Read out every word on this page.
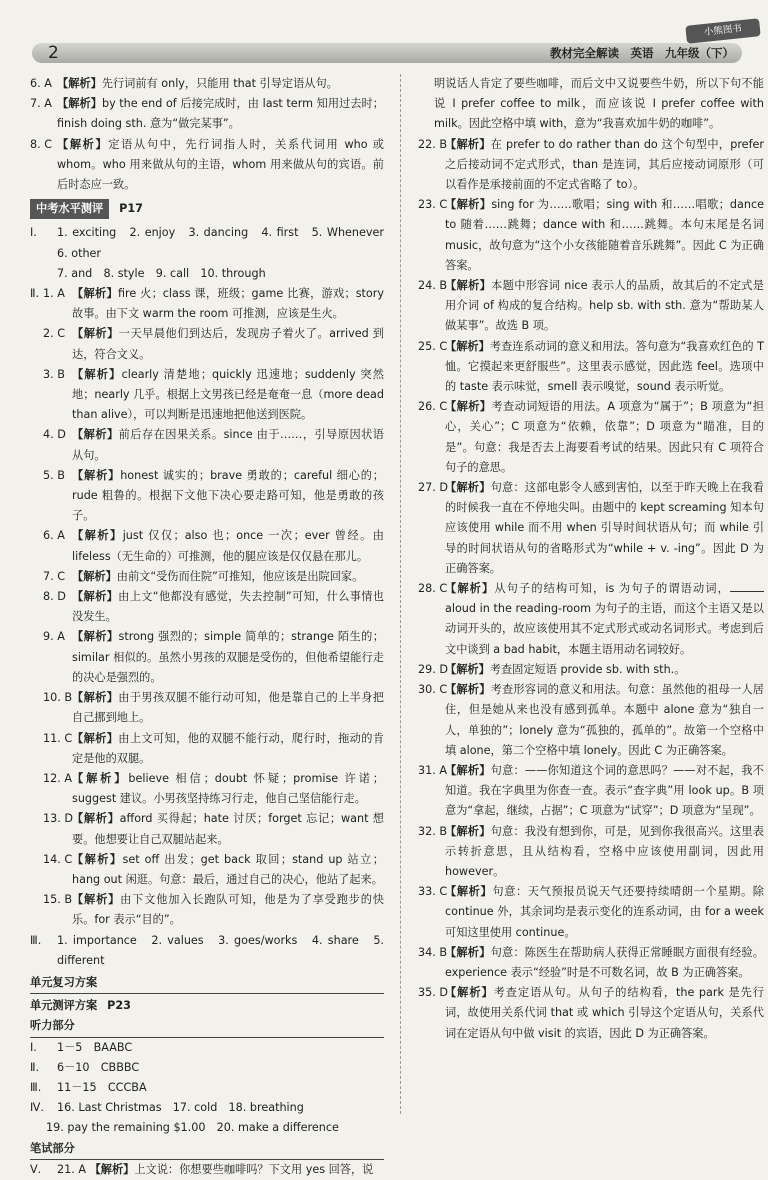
2	教材完全解读　英语　九年级（下）
小熊图书
6. A 【解析】先行词前有 only，只能用 that 引导定语从句。
7. A 【解析】by the end of 后接完成时，由 last term 知用过去时；finish doing sth. 意为“做完某事”。
8. C 【解析】定语从句中，先行词指人时，关系代词用 who 或 whom。who 用来做从句的主语，whom 用来做从句的宾语。前后时态应一致。
中考水平测评 P17
Ⅰ. 1. exciting　2. enjoy　3. dancing　4. first　5. Whenever　6. other
7. and　8. style　9. call　10. through
Ⅱ. 1. A 【解析】fire 火；class 课，班级；game 比赛，游戏；story 故事。由下文 warm the room 可推测，应该是生火。
2. C 【解析】一天早晨他们到达后，发现房子着火了。arrived 到达，符合文义。
3. B 【解析】clearly 清楚地；quickly 迅速地；suddenly 突然地；nearly 几乎。根据上文男孩已经是奄奄一息（more dead than alive），可以判断是迅速地把他送到医院。
4. D 【解析】前后存在因果关系。since 由于……，引导原因状语从句。
5. B 【解析】honest 诚实的；brave 勇敢的；careful 细心的；rude 粗鲁的。根据下文他下决心要走路可知，他是勇敢的孩子。
6. A 【解析】just 仅仅；also 也；once 一次；ever 曾经。由 lifeless（无生命的）可推测，他的腿应该是仅仅悬在那儿。
7. C 【解析】由前文“受伤而住院”可推知，他应该是出院回家。
8. D 【解析】由上文“他都没有感觉，失去控制”可知，什么事情也没发生。
9. A 【解析】strong 强烈的；simple 简单的；strange 陌生的；similar 相似的。虽然小男孩的双腿是受伤的，但他希望能行走的决心是强烈的。
10. B 【解析】由于男孩双腿不能行动可知，他是靠自己的上半身把自己挪到地上。
11. C 【解析】由上文可知，他的双腿不能行动，爬行时，拖动的肯定是他的双腿。
12. A 【解析】believe 相信；doubt 怀疑；promise 许诺；suggest 建议。小男孩坚持练习行走，他自己坚信能行走。
13. D 【解析】afford 买得起；hate 讨厌；forget 忘记；want 想要。他想要让自己双腿站起来。
14. C 【解析】set off 出发；get back 取回；stand up 站立；hang out 闲逛。句意：最后，通过自己的决心，他站了起来。
15. B 【解析】由下文他加入长跑队可知，他是为了享受跑步的快乐。for 表示“目的”。
Ⅲ. 1. importance　2. values　3. goes/works　4. share　5. different
单元复习方案
单元测评方案 P23
听力部分
Ⅰ. 1－5　BAABC
Ⅱ. 6－10　CBBBC
Ⅲ. 11－15　CCCBA
Ⅳ. 16. Last Christmas　17. cold　18. breathing
19. pay the remaining $1.00　20. make a difference
笔试部分
Ⅴ. 21. A 【解析】上文说：你想要些咖啡吗？下文用 yes 回答，说
明说话人肯定了要些咖啡，而后文中又说要些牛奶，所以下句不能说 I prefer coffee to milk，而应该说 I prefer coffee with milk。因此空格中填 with，意为“我喜欢加牛奶的咖啡”。
22. B
【解析】在 prefer to do rather than do 这个句型中，prefer 之后接动词不定式形式，than 是连词，其后应接动词原形（可以看作是承接前面的不定式省略了 to）。
23. C
【解析】sing for 为……歌唱；sing with 和……唱歌；dance to 随着……跳舞；dance with 和……跳舞。本句末尾是名词 music，故句意为“这个小女孩能随着音乐跳舞”。因此 C 为正确答案。
24. B
【解析】本题中形容词 nice 表示人的品质，故其后的不定式是用介词 of 构成的复合结构。help sb. with sth. 意为“帮助某人做某事”。故选 B 项。
25. C
【解析】考查连系动词的意义和用法。答句意为“我喜欢红色的 T 恤。它摸起来更舒服些”。这里表示感觉，因此选 feel。选项中的 taste 表示味觉，smell 表示嗅觉，sound 表示听觉。
26. C
【解析】考查动词短语的用法。A 项意为“属于”；B 项意为“担心，关心”；C 项意为“依赖，依靠”；D 项意为“瞄准，目的是”。句意：我是否去上海要看考试的结果。因此只有 C 项符合句子的意思。
27. D
【解析】句意：这部电影令人感到害怕，以至于昨天晚上在我看的时候我一直在不停地尖叫。由题中的 kept screaming 知本句应该使用 while 而不用 when 引导时间状语从句；而 while 引导的时间状语从句的省略形式为“while + v. -ing”。因此 D 为正确答案。
28. C
【解析】从句子的结构可知，is 为句子的谓语动词， aloud in the reading-room 为句子的主语，而这个主语又是以动词开头的，故应该使用其不定式形式或动名词形式。考虑到后文中谈到 a bad habit，本题主语用动名词较好。
29. D
【解析】考查固定短语 provide sb. with sth.。
30. C
【解析】考查形容词的意义和用法。句意：虽然他的祖母一人居住，但是她从来也没有感到孤单。本题中 alone 意为“独自一人，单独的”；lonely 意为“孤独的，孤单的”。故第一个空格中填 alone，第二个空格中填 lonely。因此 C 为正确答案。
31. A
【解析】句意：——你知道这个词的意思吗？——对不起，我不知道。我在字典里为你查一查。表示“查字典”用 look up。B 项意为“拿起，继续，占据”；C 项意为“试穿”；D 项意为“呈现”。
32. B
【解析】句意：我没有想到你，可是，见到你我很高兴。这里表示转折意思，且从结构看，空格中应该使用副词，因此用 however。
33. C
【解析】句意：天气预报员说天气还要持续晴朗一个星期。除 continue 外，其余词均是表示变化的连系动词，由 for a week 可知这里使用 continue。
34. B
【解析】句意：陈医生在帮助病人获得正常睡眠方面很有经验。experience 表示“经验”时是不可数名词，故 B 为正确答案。
35. D
【解析】考查定语从句。从句子的结构看，the park 是先行词，故使用关系代词 that 或 which 引导这个定语从句，关系代词在定语从句中做 visit 的宾语，因此 D 为正确答案。
